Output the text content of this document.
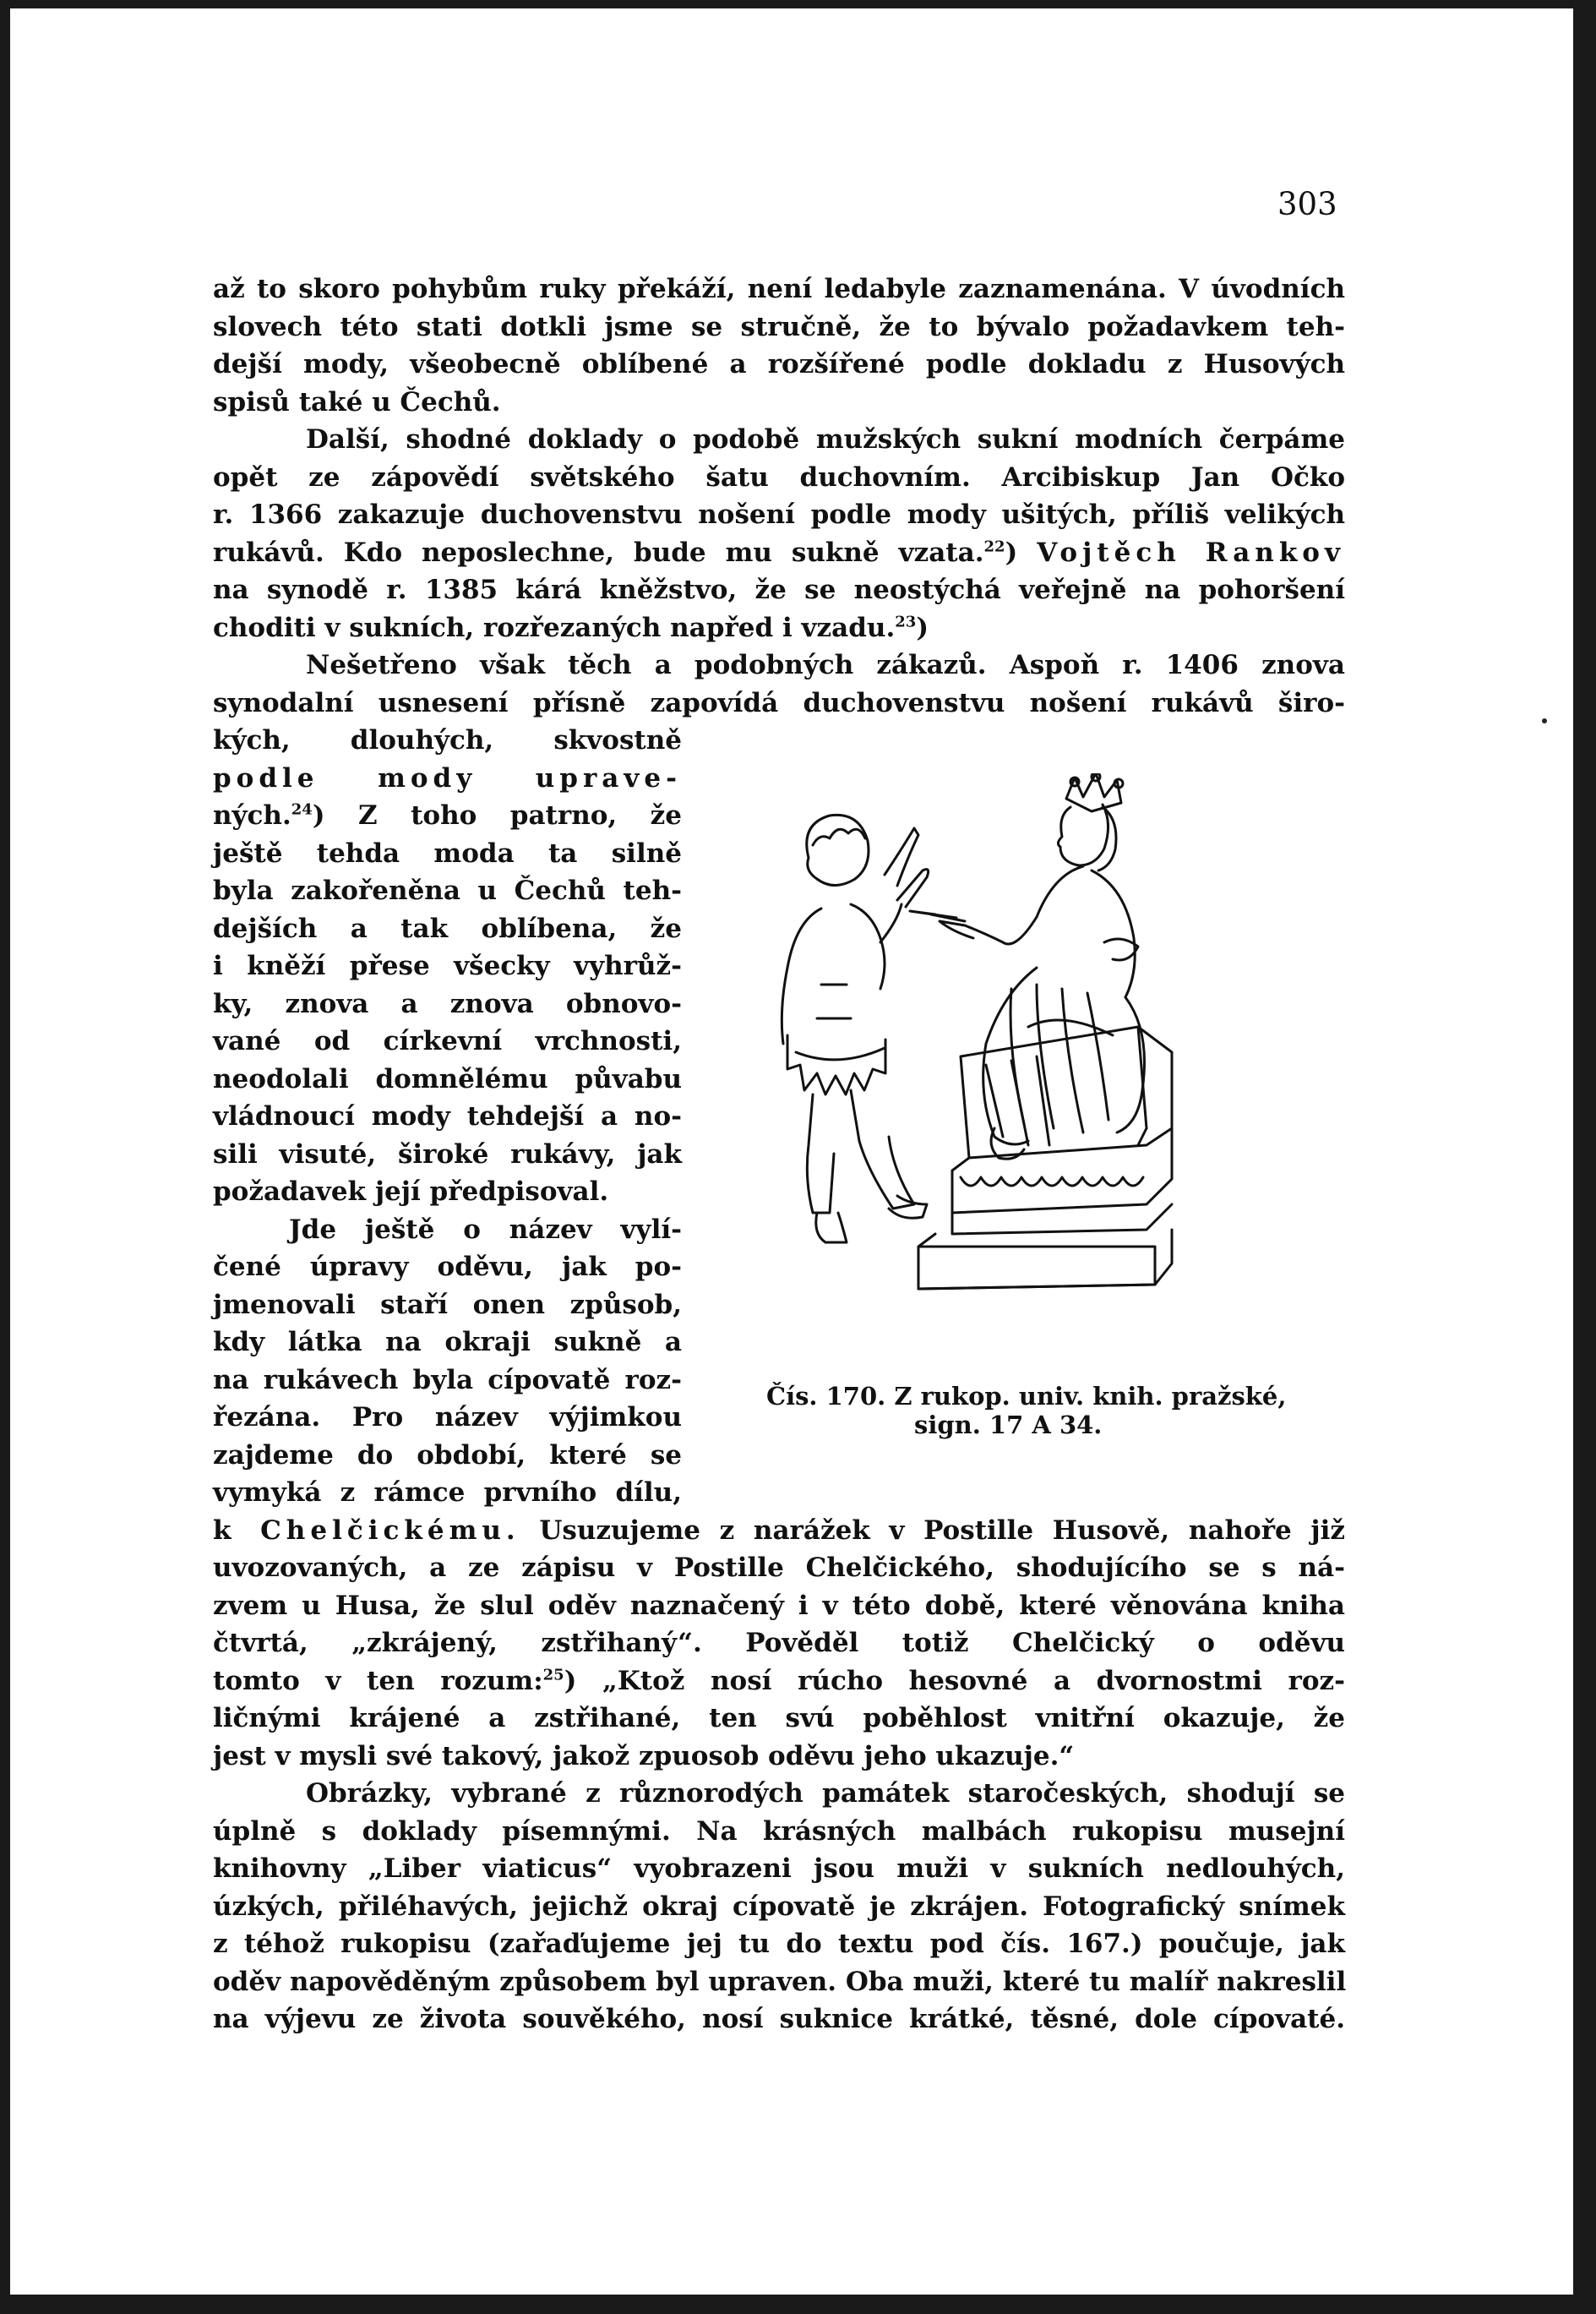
303
až to skoro pohybům ruky překáží, není ledabyle zaznamenána. V úvodních
slovech této stati dotkli jsme se stručně, že to bývalo požadavkem teh-
dejší mody, všeobecně oblíbené a rozšířené podle dokladu z Husových
spisů také u Čechů.
Další, shodné doklady o podobě mužských sukní modních čerpáme
opět ze zápovědí světského šatu duchovním. Arcibiskup Jan Očko
r. 1366 zakazuje duchovenstvu nošení podle mody ušitých, příliš velikých
rukávů. Kdo neposlechne, bude mu sukně vzata.$^{22}$) Vojtěch Rankov
na synodě r. 1385 kárá kněžstvo, že se neostýchá veřejně na pohoršení
choditi v sukních, rozřezaných napřed i vzadu.$^{23}$)
Nešetřeno však těch a podobných zákazů. Aspoň r. 1406 znova
synodalní usnesení přísně zapovídá duchovenstvu nošení rukávů širo-
kých, dlouhých, skvostně
podle mody uprave-
ných.$^{24}$) Z toho patrno, že
ještě tehda moda ta silně
byla zakořeněna u Čechů teh-
dejších a tak oblíbena, že
i kněží přese všecky vyhrůž-
ky, znova a znova obnovo-
vané od církevní vrchnosti,
neodolali domnělému půvabu
vládnoucí mody tehdejší a no-
sili visuté, široké rukávy, jak
požadavek její předpisoval.
Jde ještě o název vylí-
čené úpravy oděvu, jak po-
jmenovali staří onen způsob,
kdy látka na okraji sukně a
na rukávech byla cípovatě roz-
řezána. Pro název výjimkou
zajdeme do období, které se
vymyká z rámce prvního dílu,
k Chelčickému. Usuzujeme z narážek v Postille Husově, nahoře již
uvozovaných, a ze zápisu v Postille Chelčického, shodujícího se s ná-
zvem u Husa, že slul oděv naznačený i v této době, které věnována kniha
čtvrtá, „zkrájený, zstřihaný“. Pověděl totiž Chelčický o oděvu
tomto v ten rozum:$^{25}$) „Ktož nosí rúcho hesovné a dvornostmi roz-
ličnými krájené a zstřihané, ten svú poběhlost vnitřní okazuje, že
jest v mysli své takový, jakož zpuosob oděvu jeho ukazuje.“
Obrázky, vybrané z různorodých památek staročeských, shodují se
úplně s doklady písemnými. Na krásných malbách rukopisu musejní
knihovny „Liber viaticus“ vyobrazeni jsou muži v sukních nedlouhých,
úzkých, přiléhavých, jejichž okraj cípovatě je zkrájen. Fotografický snímek
z téhož rukopisu (zařaďujeme jej tu do textu pod čís. 167.) poučuje, jak
oděv napověděným způsobem byl upraven. Oba muži, které tu malíř nakreslil
na výjevu ze života souvěkého, nosí suknice krátké, těsné, dole cípovaté.
Čís. 170. Z rukop. univ. knih. pražské,
sign. 17 A 34.
